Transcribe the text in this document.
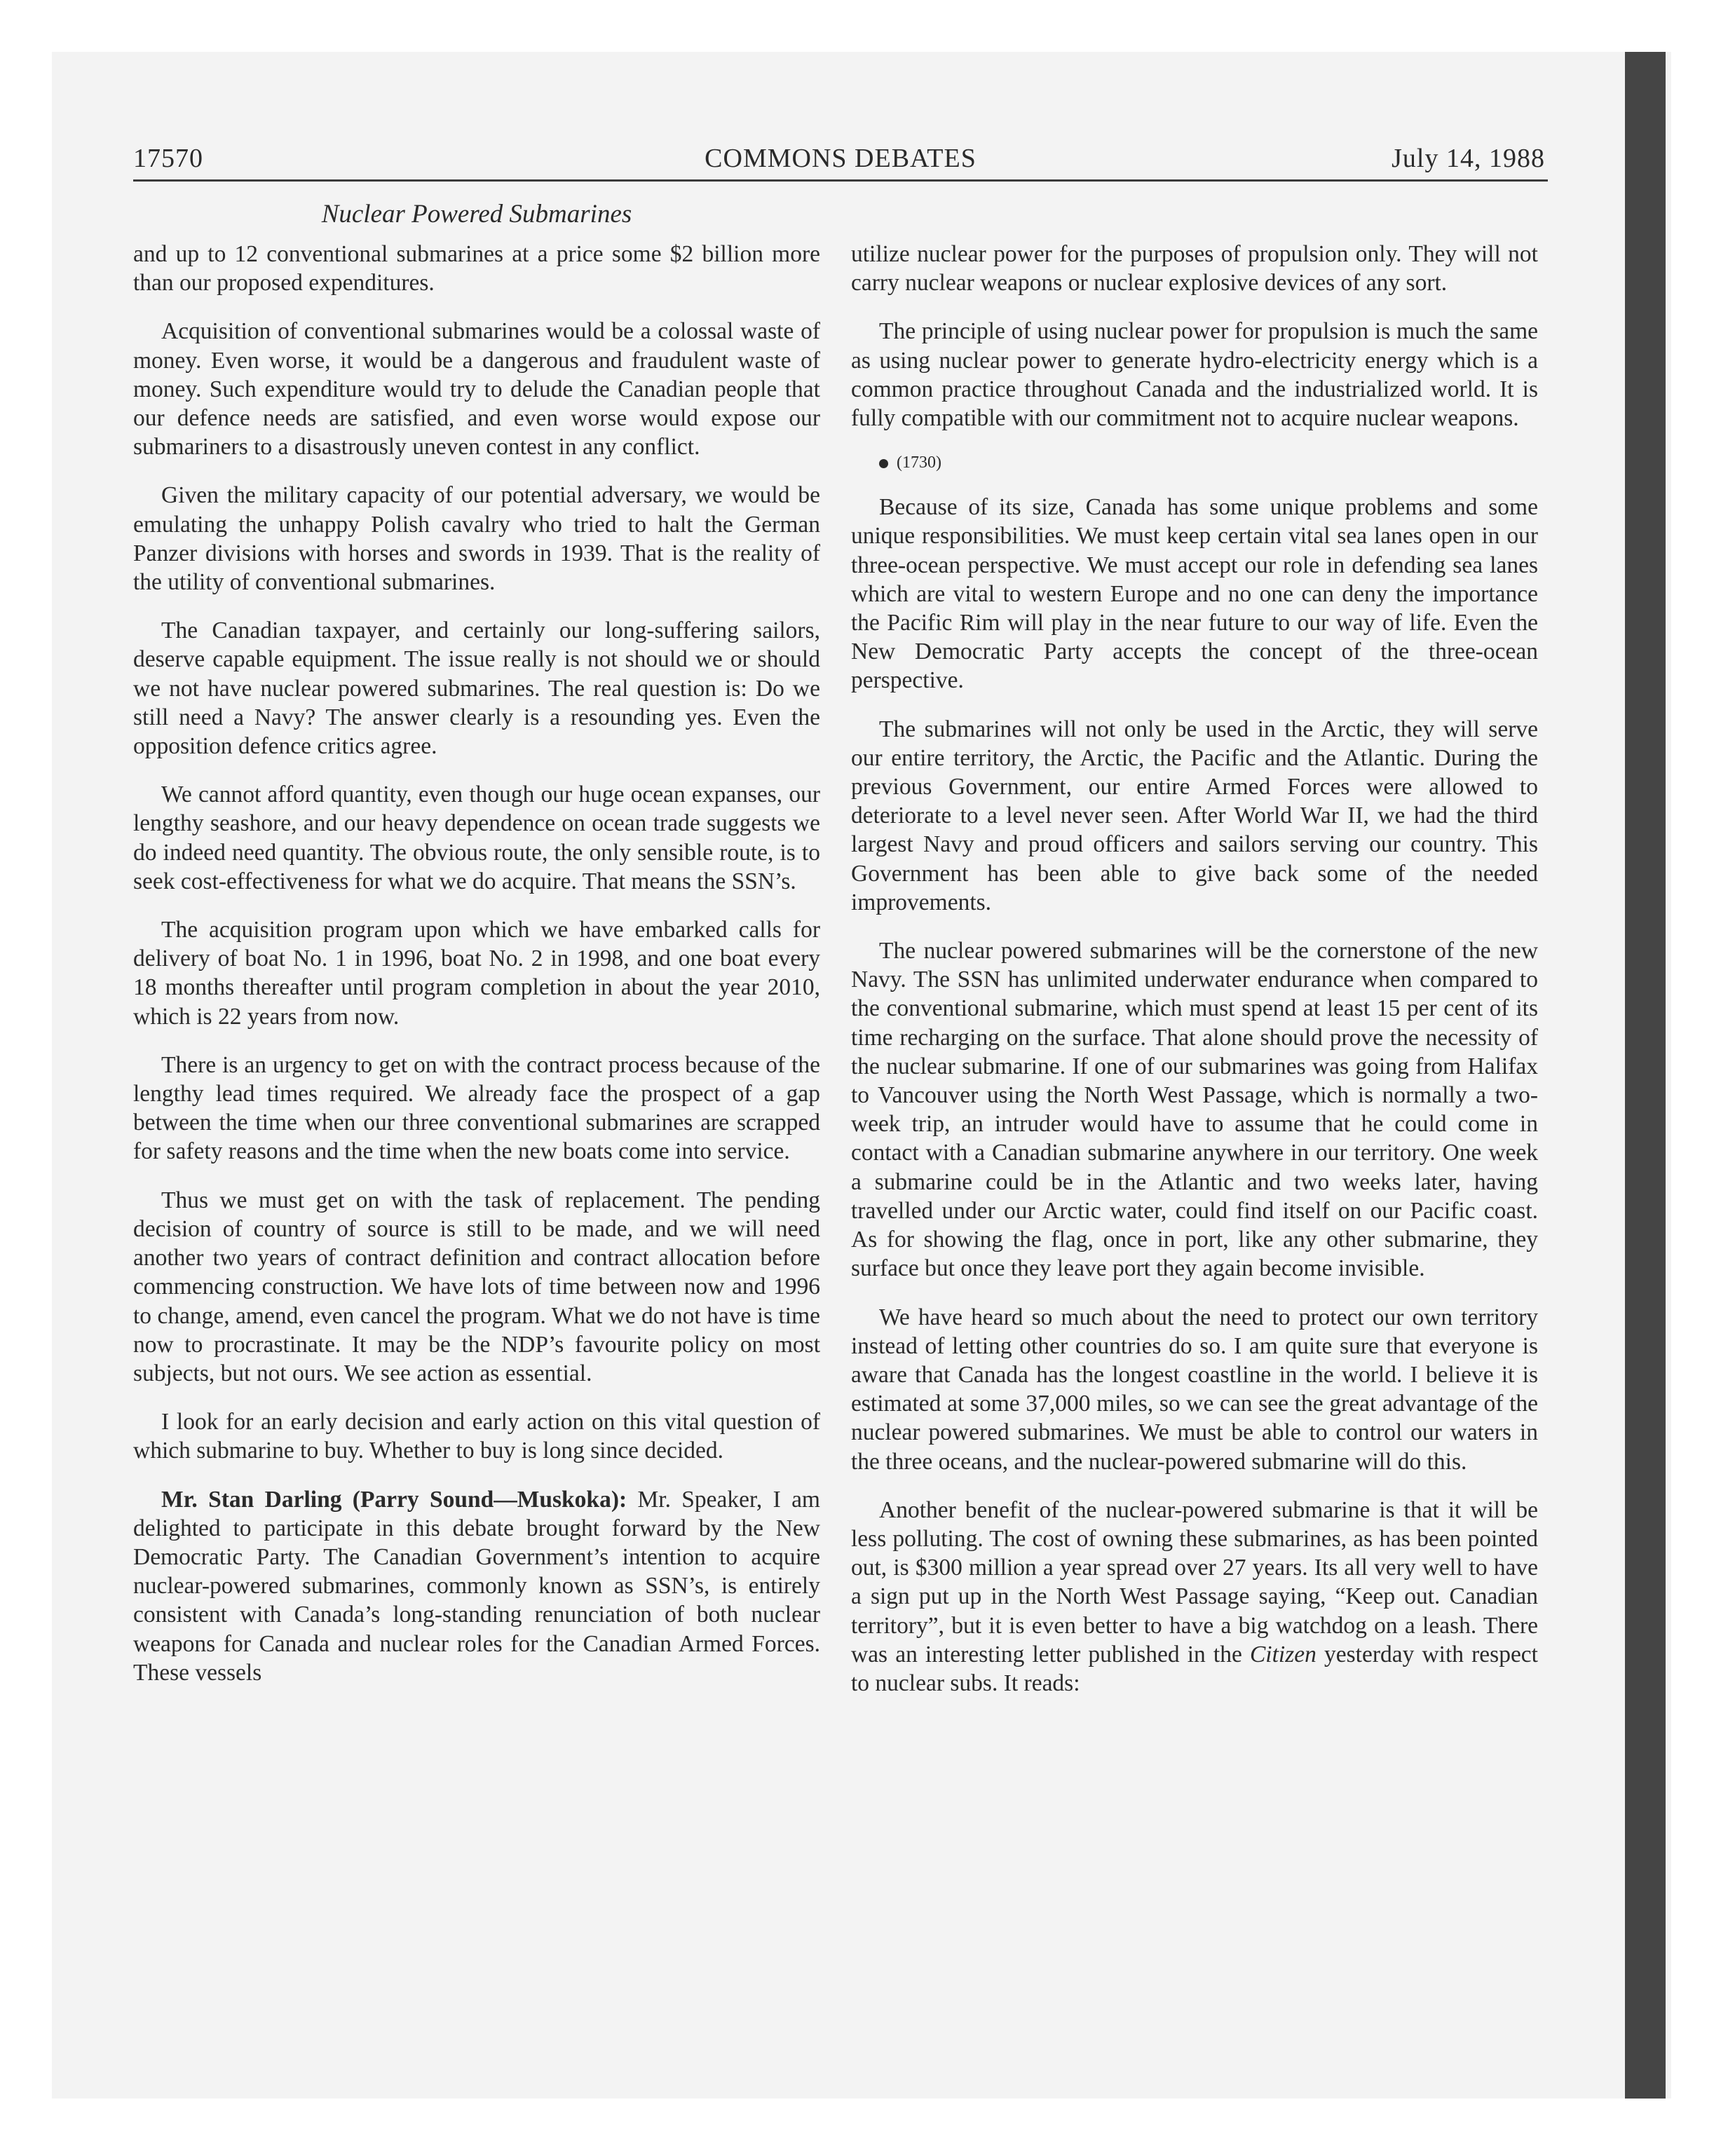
17570	COMMONS DEBATES	July 14, 1988
Nuclear Powered Submarines

and up to 12 conventional submarines at a price some $2 billion more than our proposed expenditures.

Acquisition of conventional submarines would be a colossal waste of money. Even worse, it would be a dangerous and fraudulent waste of money. Such expenditure would try to delude the Canadian people that our defence needs are satisfied, and even worse would expose our submariners to a disastrously uneven contest in any conflict.

Given the military capacity of our potential adversary, we would be emulating the unhappy Polish cavalry who tried to halt the German Panzer divisions with horses and swords in 1939. That is the reality of the utility of conventional submarines.

The Canadian taxpayer, and certainly our long-suffering sailors, deserve capable equipment. The issue really is not should we or should we not have nuclear powered submarines. The real question is: Do we still need a Navy? The answer clearly is a resounding yes. Even the opposition defence critics agree.

We cannot afford quantity, even though our huge ocean expanses, our lengthy seashore, and our heavy dependence on ocean trade suggests we do indeed need quantity. The obvious route, the only sensible route, is to seek cost-effectiveness for what we do acquire. That means the SSN’s.

The acquisition program upon which we have embarked calls for delivery of boat No. 1 in 1996, boat No. 2 in 1998, and one boat every 18 months thereafter until program completion in about the year 2010, which is 22 years from now.

There is an urgency to get on with the contract process because of the lengthy lead times required. We already face the prospect of a gap between the time when our three conventional submarines are scrapped for safety reasons and the time when the new boats come into service.

Thus we must get on with the task of replacement. The pending decision of country of source is still to be made, and we will need another two years of contract definition and contract allocation before commencing construction. We have lots of time between now and 1996 to change, amend, even cancel the program. What we do not have is time now to procrastinate. It may be the NDP’s favourite policy on most subjects, but not ours. We see action as essential.

I look for an early decision and early action on this vital question of which submarine to buy. Whether to buy is long since decided.

Mr. Stan Darling (Parry Sound—Muskoka): Mr. Speaker, I am delighted to participate in this debate brought forward by the New Democratic Party. The Canadian Government’s intention to acquire nuclear-powered submarines, commonly known as SSN’s, is entirely consistent with Canada’s long-standing renunciation of both nuclear weapons for Canada and nuclear roles for the Canadian Armed Forces. These vessels

utilize nuclear power for the purposes of propulsion only. They will not carry nuclear weapons or nuclear explosive devices of any sort.

The principle of using nuclear power for propulsion is much the same as using nuclear power to generate hydro-electricity energy which is a common practice throughout Canada and the industrialized world. It is fully compatible with our commitment not to acquire nuclear weapons.

(1730)

Because of its size, Canada has some unique problems and some unique responsibilities. We must keep certain vital sea lanes open in our three-ocean perspective. We must accept our role in defending sea lanes which are vital to western Europe and no one can deny the importance the Pacific Rim will play in the near future to our way of life. Even the New Democratic Party accepts the concept of the three-ocean perspective.

The submarines will not only be used in the Arctic, they will serve our entire territory, the Arctic, the Pacific and the Atlantic. During the previous Government, our entire Armed Forces were allowed to deteriorate to a level never seen. After World War II, we had the third largest Navy and proud officers and sailors serving our country. This Government has been able to give back some of the needed improvements.

The nuclear powered submarines will be the cornerstone of the new Navy. The SSN has unlimited underwater endurance when compared to the conventional submarine, which must spend at least 15 per cent of its time recharging on the surface. That alone should prove the necessity of the nuclear submarine. If one of our submarines was going from Halifax to Vancouver using the North West Passage, which is normally a two-week trip, an intruder would have to assume that he could come in contact with a Canadian submarine anywhere in our territory. One week a submarine could be in the Atlantic and two weeks later, having travelled under our Arctic water, could find itself on our Pacific coast. As for showing the flag, once in port, like any other submarine, they surface but once they leave port they again become invisible.

We have heard so much about the need to protect our own territory instead of letting other countries do so. I am quite sure that everyone is aware that Canada has the longest coastline in the world. I believe it is estimated at some 37,000 miles, so we can see the great advantage of the nuclear powered submarines. We must be able to control our waters in the three oceans, and the nuclear-powered submarine will do this.

Another benefit of the nuclear-powered submarine is that it will be less polluting. The cost of owning these submarines, as has been pointed out, is $300 million a year spread over 27 years. Its all very well to have a sign put up in the North West Passage saying, “Keep out. Canadian territory”, but it is even better to have a big watchdog on a leash. There was an interesting letter published in the Citizen yesterday with respect to nuclear subs. It reads:
